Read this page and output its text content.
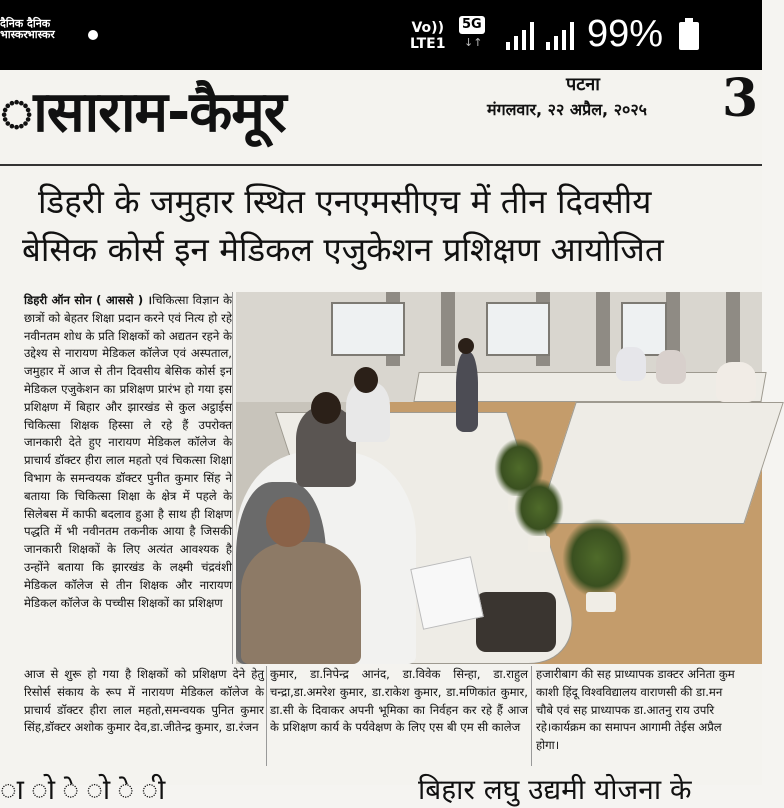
दैनिक
भास्कर
दैनिक
भास्कर	Vo))
LTE1
5G
↓↑	99%
ासाराम-कैमूर	पटना
मंगलवार, २२ अप्रैल, २०२५ 3
डिहरी के जमुहार स्थित एनएमसीएच में तीन दिवसीय
बेसिक कोर्स इन मेडिकल एजुकेशन प्रशिक्षण आयोजित
डिहरी ऑन सोन ( आससे ) ।चिकित्सा विज्ञान के छात्रों को बेहतर शिक्षा प्रदान करने एवं नित्य हो रहे नवीनतम शोध के प्रति शिक्षकों को अद्यतन रहने के उद्देश्य से नारायण मेडिकल कॉलेज एवं अस्पताल, जमुहार में आज से तीन दिवसीय बेसिक कोर्स इन मेडिकल एजुकेशन का प्रशिक्षण प्रारंभ हो गया इस प्रशिक्षण में बिहार और झारखंड से कुल अट्ठाईस चिकित्सा शिक्षक हिस्सा ले रहे हैं उपरोक्त जानकारी देते हुए नारायण मेडिकल कॉलेज के प्राचार्य डॉक्टर हीरा लाल महतो एवं चिकत्सा शिक्षा विभाग के समन्वयक डॉक्टर पुनीत कुमार सिंह ने बताया कि चिकित्सा शिक्षा के क्षेत्र में पहले के सिलेबस में काफी बदलाव हुआ है साथ ही शिक्षण पद्धति में भी नवीनतम तकनीक आया है जिसकी जानकारी शिक्षकों के लिए अत्यंत आवश्यक है उन्होंने बताया कि झारखंड के लक्ष्मी चंद्रवंशी मेडिकल कॉलेज से तीन शिक्षक और नारायण मेडिकल कॉलेज के पच्चीस शिक्षकों का प्रशिक्षण
आज से शुरू हो गया है शिक्षकों को प्रशिक्षण देने हेतु रिसोर्स संकाय के रूप में नारायण मेडिकल कॉलेज के प्राचार्य डॉक्टर हीरा लाल महतो,समन्वयक पुनित कुमार सिंह,डॉक्टर अशोक कुमार देव,डा.जीतेन्द्र कुमार, डा.रंजन
कुमार, डा.निपेन्द्र आनंद, डा.विवेक सिन्हा, डा.राहुल चन्द्रा,डा.अमरेश कुमार, डा.राकेश कुमार, डा.मणिकांत कुमार, डा.सी के दिवाकर अपनी भूमिका का निर्वहन कर रहे हैं आज के प्रशिक्षण कार्य के पर्यवेक्षण के लिए एस बी एम सी कालेज
हजारीबाग की सह प्राध्यापक डाक्टर अनिता कुम
काशी हिंदू विश्वविद्यालय वाराणसी की डा.मन
चौबे एवं सह प्राध्यापक डा.आतनु राय उपरि
रहे।कार्यक्रम का समापन आगामी तेईस अप्रैल
होगा।
ा ो े ो े ी	बिहार लघु उद्यमी योजना के
